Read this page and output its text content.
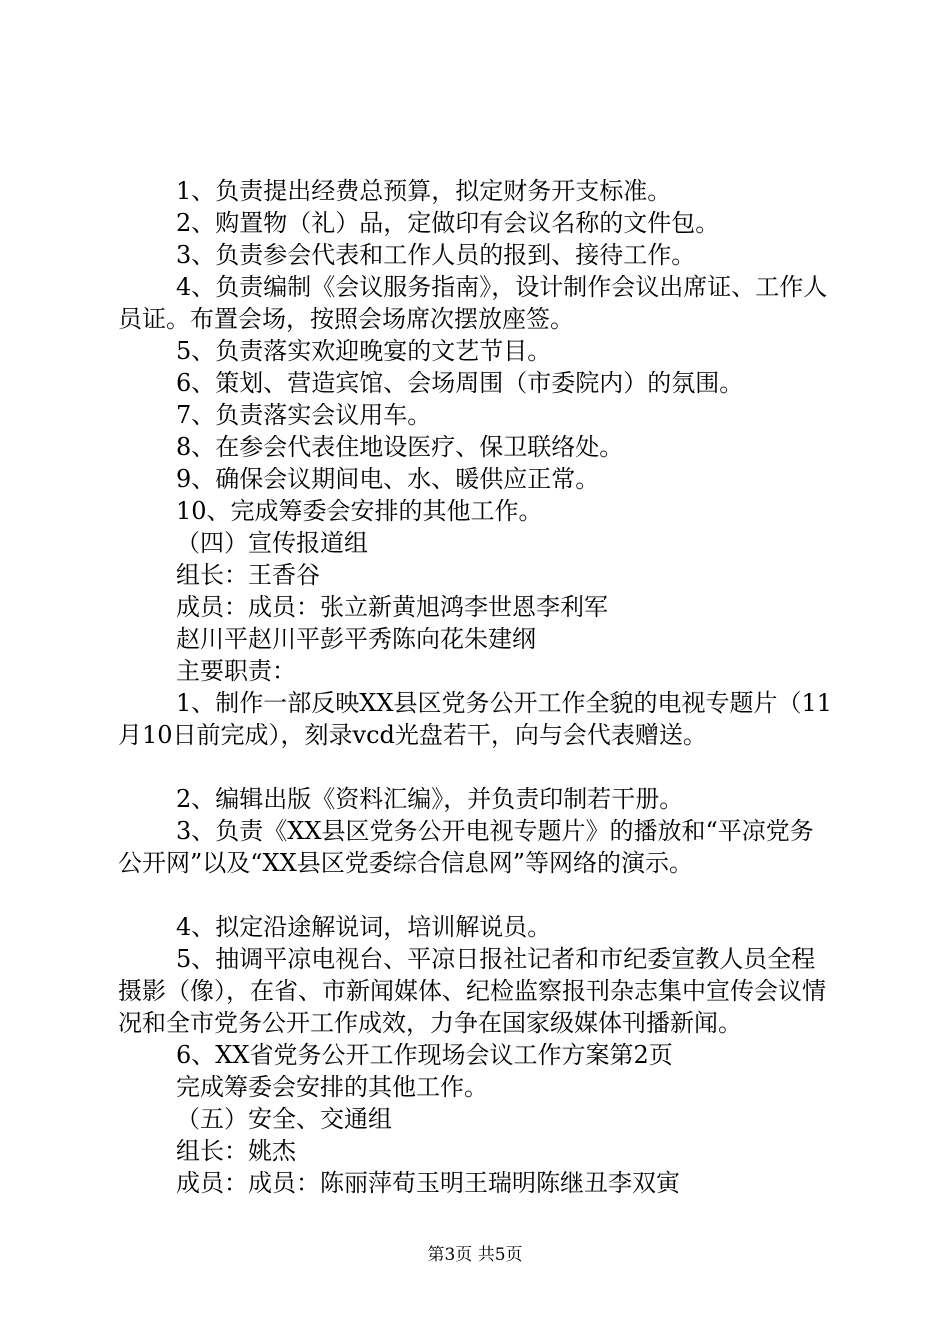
1、负责提出经费总预算，拟定财务开支标准。

2、购置物（礼）品，定做印有会议名称的文件包。

3、负责参会代表和工作人员的报到、接待工作。

4、负责编制《会议服务指南》，设计制作会议出席证、工作人员证。布置会场，按照会场席次摆放座签。

5、负责落实欢迎晚宴的文艺节目。

6、策划、营造宾馆、会场周围（市委院内）的氛围。

7、负责落实会议用车。

8、在参会代表住地设医疗、保卫联络处。

9、确保会议期间电、水、暖供应正常。

10、完成筹委会安排的其他工作。

（四）宣传报道组

组长：王香谷

成员：成员：张立新黄旭鸿李世恩李利军

赵川平赵川平彭平秀陈向花朱建纲

主要职责：

1、制作一部反映XX县区党务公开工作全貌的电视专题片（11月10日前完成），刻录vcd光盘若干，向与会代表赠送。

2、编辑出版《资料汇编》，并负责印制若干册。

3、负责《XX县区党务公开电视专题片》的播放和“平凉党务公开网”以及“XX县区党委综合信息网”等网络的演示。

4、拟定沿途解说词，培训解说员。

5、抽调平凉电视台、平凉日报社记者和市纪委宣教人员全程摄影（像），在省、市新闻媒体、纪检监察报刊杂志集中宣传会议情况和全市党务公开工作成效，力争在国家级媒体刊播新闻。

6、XX省党务公开工作现场会议工作方案第2页

完成筹委会安排的其他工作。

（五）安全、交通组

组长：姚杰

成员：成员：陈丽萍荀玉明王瑞明陈继丑李双寅

第3页 共5页
